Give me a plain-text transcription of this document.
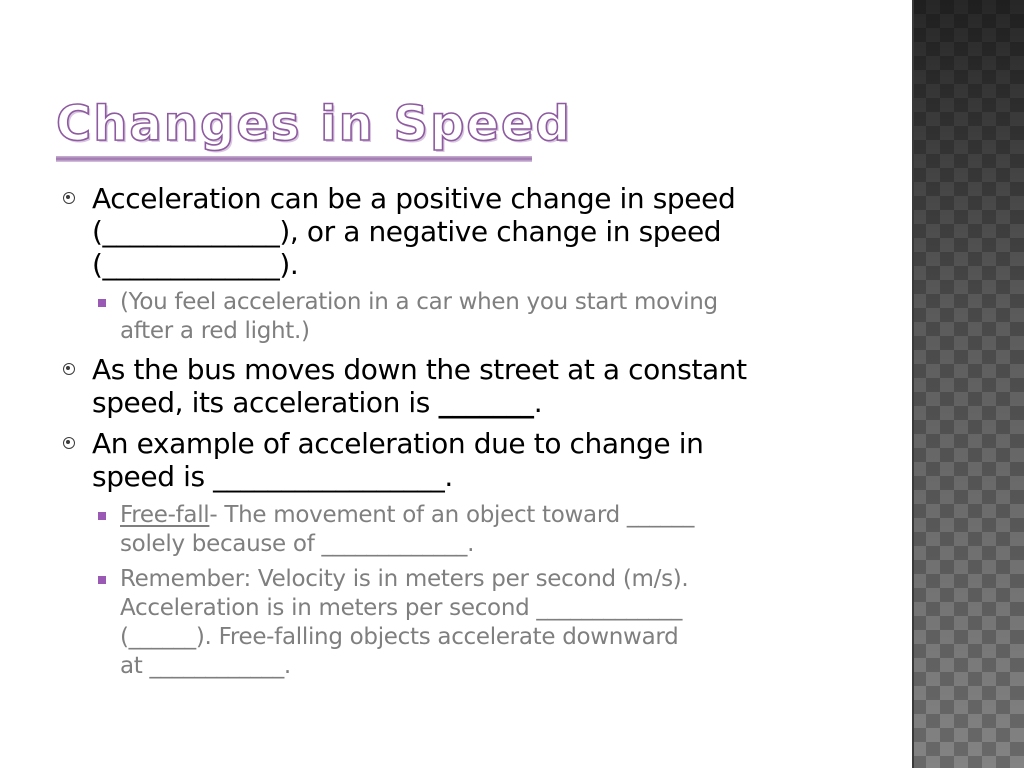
Changes in Speed
Acceleration can be a positive change in speed
(_____________), or a negative change in speed
(_____________).
(You feel acceleration in a car when you start moving
after a red light.)
As the bus moves down the street at a constant
speed, its acceleration is _______.
An example of acceleration due to change in
speed is _________________.
Free-fall- The movement of an object toward ______
solely because of _____________.
Remember: Velocity is in meters per second (m/s).
Acceleration is in meters per second _____________
(______). Free-falling objects accelerate downward
at ____________.
